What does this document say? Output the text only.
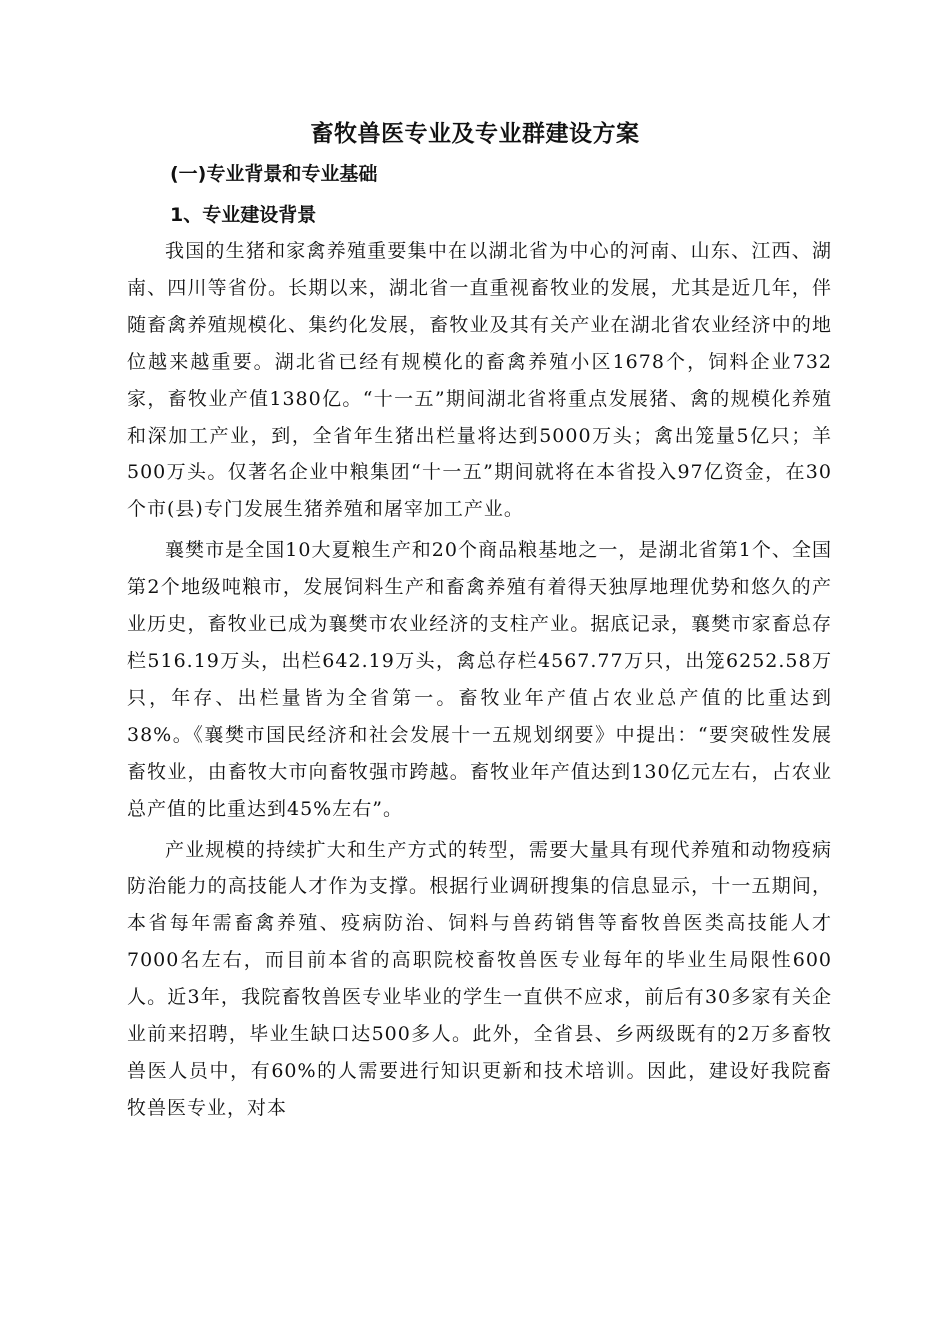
畜牧兽医专业及专业群建设方案
(一)专业背景和专业基础
1、专业建设背景

我国的生猪和家禽养殖重要集中在以湖北省为中心的河南、山东、江西、湖南、四川等省份。长期以来，湖北省一直重视畜牧业的发展，尤其是近几年，伴随畜禽养殖规模化、集约化发展，畜牧业及其有关产业在湖北省农业经济中的地位越来越重要。湖北省已经有规模化的畜禽养殖小区1678个，饲料企业732家，畜牧业产值1380亿。“十一五”期间湖北省将重点发展猪、禽的规模化养殖和深加工产业，到，全省年生猪出栏量将达到5000万头；禽出笼量5亿只；羊500万头。仅著名企业中粮集团“十一五”期间就将在本省投入97亿资金，在30个市(县)专门发展生猪养殖和屠宰加工产业。

襄樊市是全国10大夏粮生产和20个商品粮基地之一，是湖北省第1个、全国第2个地级吨粮市，发展饲料生产和畜禽养殖有着得天独厚地理优势和悠久的产业历史，畜牧业已成为襄樊市农业经济的支柱产业。据底记录，襄樊市家畜总存栏516.19万头，出栏642.19万头，禽总存栏4567.77万只，出笼6252.58万只，年存、出栏量皆为全省第一。畜牧业年产值占农业总产值的比重达到38%。《襄樊市国民经济和社会发展十一五规划纲要》中提出：“要突破性发展畜牧业，由畜牧大市向畜牧强市跨越。畜牧业年产值达到130亿元左右，占农业总产值的比重达到45%左右”。

产业规模的持续扩大和生产方式的转型，需要大量具有现代养殖和动物疫病防治能力的高技能人才作为支撑。根据行业调研搜集的信息显示，十一五期间，本省每年需畜禽养殖、疫病防治、饲料与兽药销售等畜牧兽医类高技能人才7000名左右，而目前本省的高职院校畜牧兽医专业每年的毕业生局限性600人。近3年，我院畜牧兽医专业毕业的学生一直供不应求，前后有30多家有关企业前来招聘，毕业生缺口达500多人。此外，全省县、乡两级既有的2万多畜牧兽医人员中，有60%的人需要进行知识更新和技术培训。因此，建设好我院畜牧兽医专业，对本
